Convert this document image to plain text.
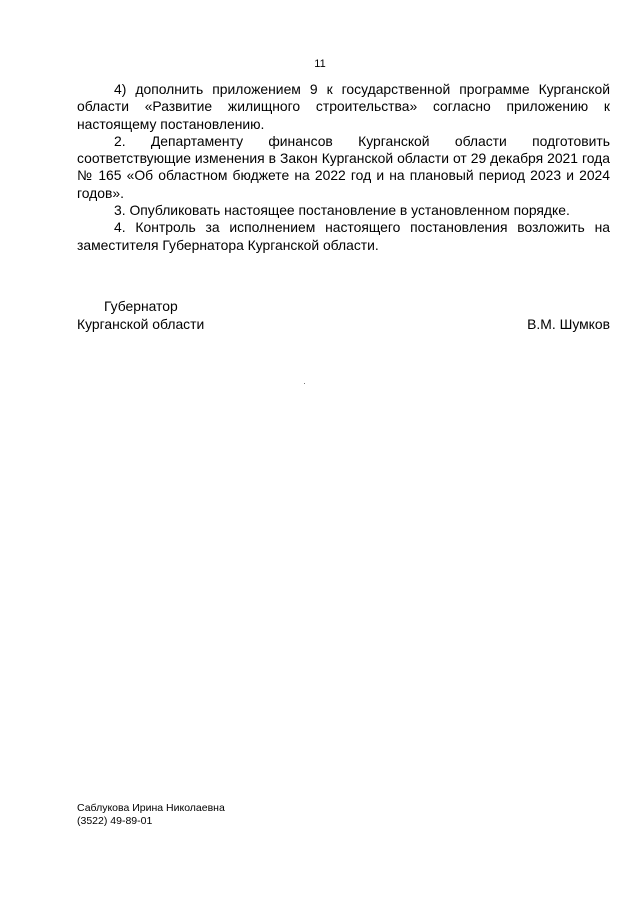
11

4) дополнить приложением 9 к государственной программе Курганской области «Развитие жилищного строительства» согласно приложению к настоящему постановлению.

2. Департаменту финансов Курганской области подготовить соответствующие изменения в Закон Курганской области от 29 декабря 2021 года № 165 «Об областном бюджете на 2022 год и на плановый период 2023 и 2024 годов».

3. Опубликовать настоящее постановление в установленном порядке.

4. Контроль за исполнением настоящего постановления возложить на заместителя Губернатора Курганской области.

Губернатор
Курганской области	В.М. Шумков
Саблукова Ирина Николаевна
(3522) 49-89-01
